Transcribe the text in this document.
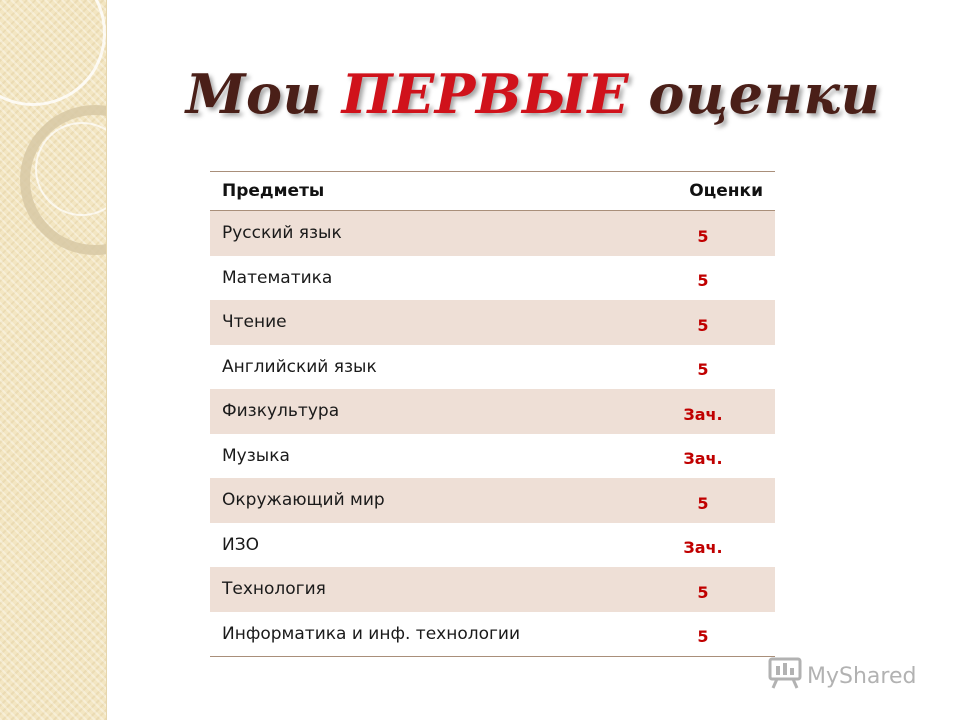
Мои ПЕРВЫЕ оценки
Предметы	Оценки
Русский язык	5
Математика	5
Чтение	5
Английский язык	5
Физкультура	Зач.
Музыка	Зач.
Окружающий мир	5
ИЗО	Зач.
Технология	5
Информатика и инф. технологии	5
MyShared
